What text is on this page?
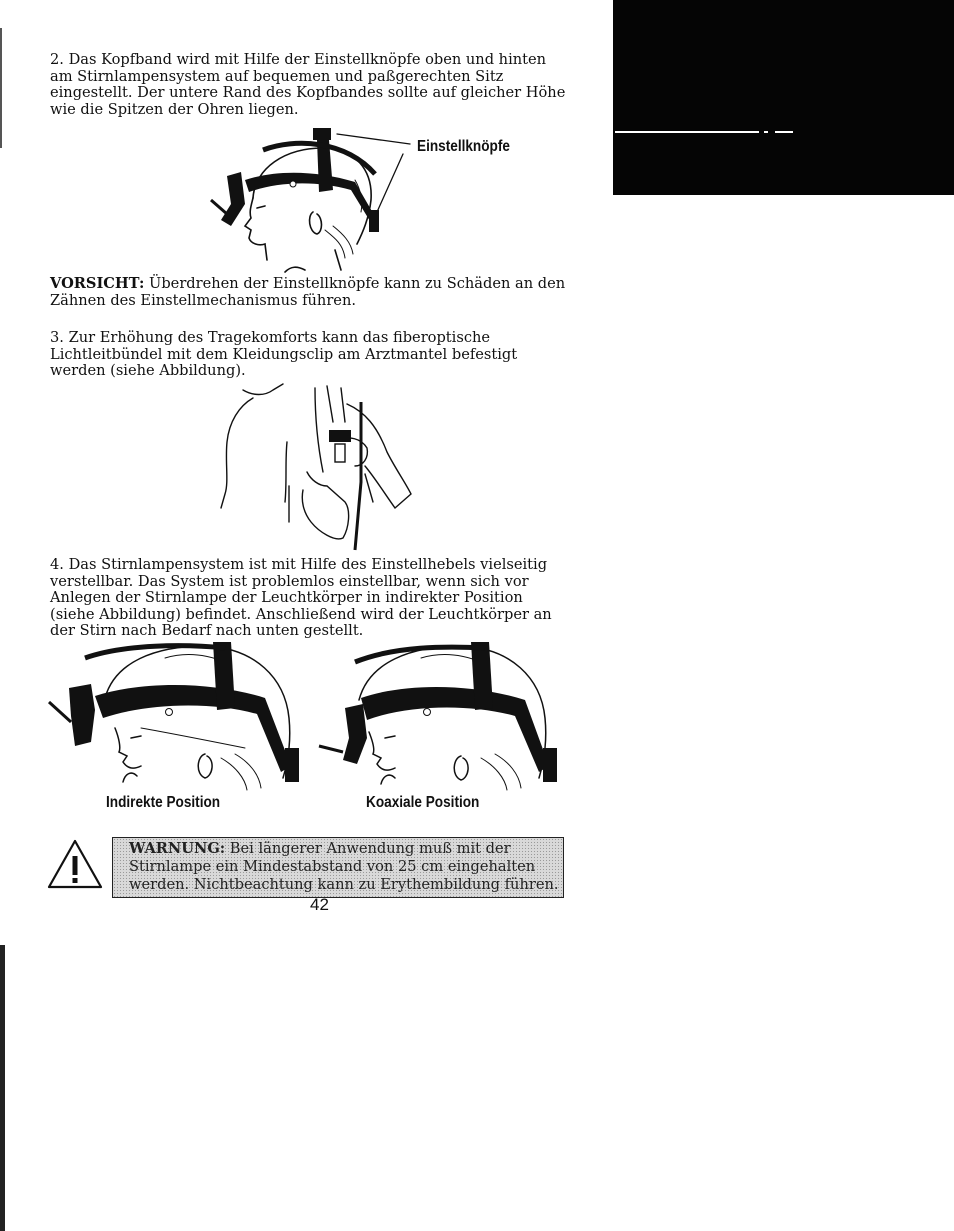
2. Das Kopfband wird mit Hilfe der Einstellknöpfe oben und hinten am Stirnlampensystem auf bequemen und paßgerechten Sitz eingestellt. Der untere Rand des Kopfbandes sollte auf gleicher Höhe wie die Spitzen der Ohren liegen.

Einstellknöpfe

VORSICHT: Überdrehen der Einstellknöpfe kann zu Schäden an den Zähnen des Einstellmechanismus führen.

3. Zur Erhöhung des Tragekomforts kann das fiberoptische Lichtleitbündel mit dem Kleidungsclip am Arztmantel befestigt werden (siehe Abbildung).

4. Das Stirnlampensystem ist mit Hilfe des Einstellhebels vielseitig verstellbar. Das System ist problemlos einstellbar, wenn sich vor Anlegen der Stirnlampe der Leuchtkörper in indirekter Position (siehe Abbildung) befindet. Anschließend wird der Leuchtkörper an der Stirn nach Bedarf nach unten gestellt.

Indirekte Position	Koaxiale Position

WARNUNG: Bei längerer Anwendung muß mit der Stirnlampe ein Mindestabstand von 25 cm eingehalten werden. Nichtbeachtung kann zu Erythembildung führen.

42
